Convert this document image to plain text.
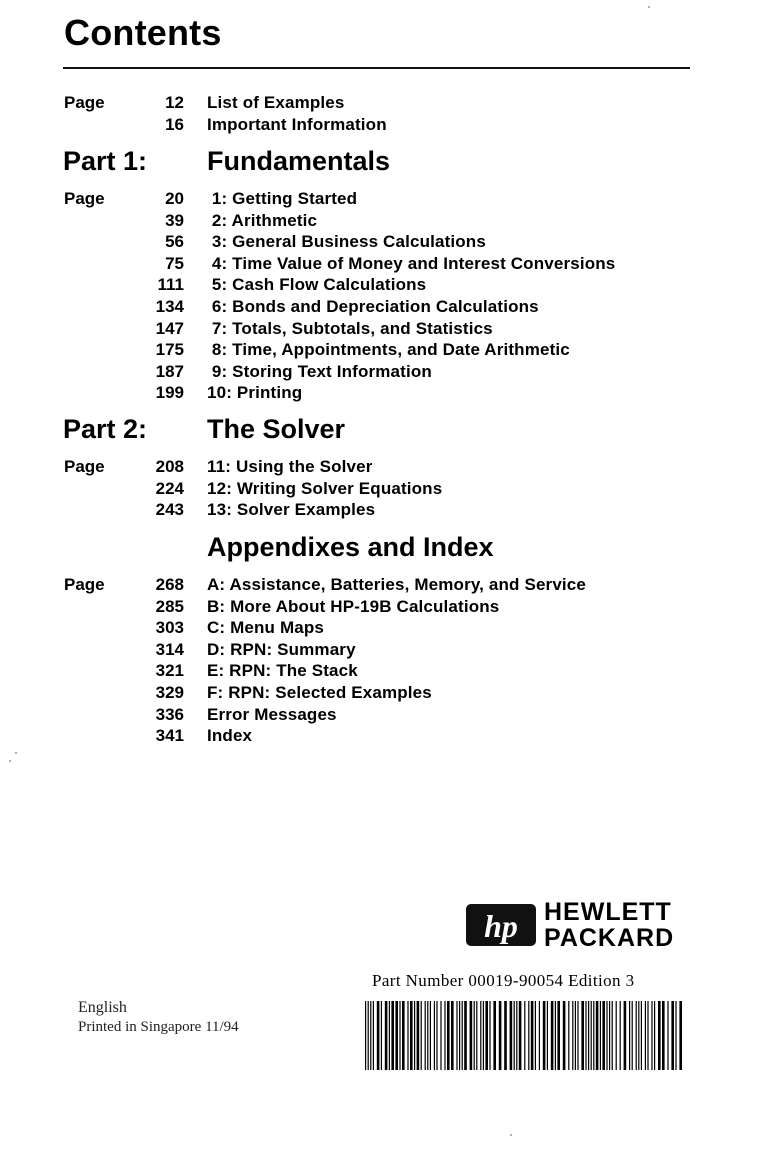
Contents
Page	12 List of Examples
16 Important Information
Part 1: Fundamentals
Page	20 1: Getting Started
39 2: Arithmetic
56 3: General Business Calculations
75 4: Time Value of Money and Interest Conversions
111 5: Cash Flow Calculations
134 6: Bonds and Depreciation Calculations
147 7: Totals, Subtotals, and Statistics
175 8: Time, Appointments, and Date Arithmetic
187 9: Storing Text Information
199 10: Printing
Part 2: The Solver
Page	208 11: Using the Solver
224 12: Writing Solver Equations
243 13: Solver Examples
Appendixes and Index
Page	268 A: Assistance, Batteries, Memory, and Service
285 B: More About HP-19B Calculations
303 C: Menu Maps
314 D: RPN: Summary
321 E: RPN: The Stack
329 F: RPN: Selected Examples
336 Error Messages
341 Index
hp HEWLETT
PACKARD
Part Number 00019-90054 Edition 3
English
Printed in Singapore 11/94
